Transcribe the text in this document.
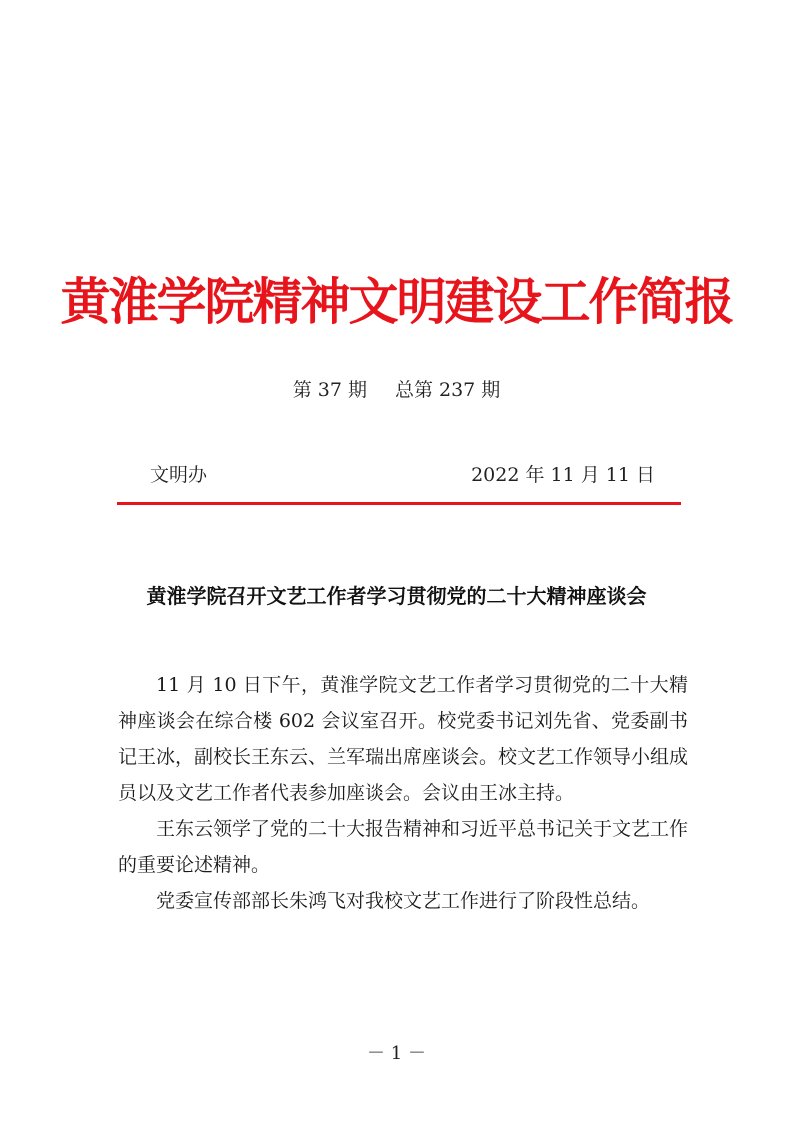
黄淮学院精神文明建设工作简报
第 37 期 总第 237 期
文明办	2022 年 11 月 11 日
黄淮学院召开文艺工作者学习贯彻党的二十大精神座谈会

11 月 10 日下午，黄淮学院文艺工作者学习贯彻党的二十大精神座谈会在综合楼 602 会议室召开。校党委书记刘先省、党委副书记王冰，副校长王东云、兰军瑞出席座谈会。校文艺工作领导小组成员以及文艺工作者代表参加座谈会。会议由王冰主持。

王东云领学了党的二十大报告精神和习近平总书记关于文艺工作的重要论述精神。

党委宣传部部长朱鸿飞对我校文艺工作进行了阶段性总结。

－ 1 －
